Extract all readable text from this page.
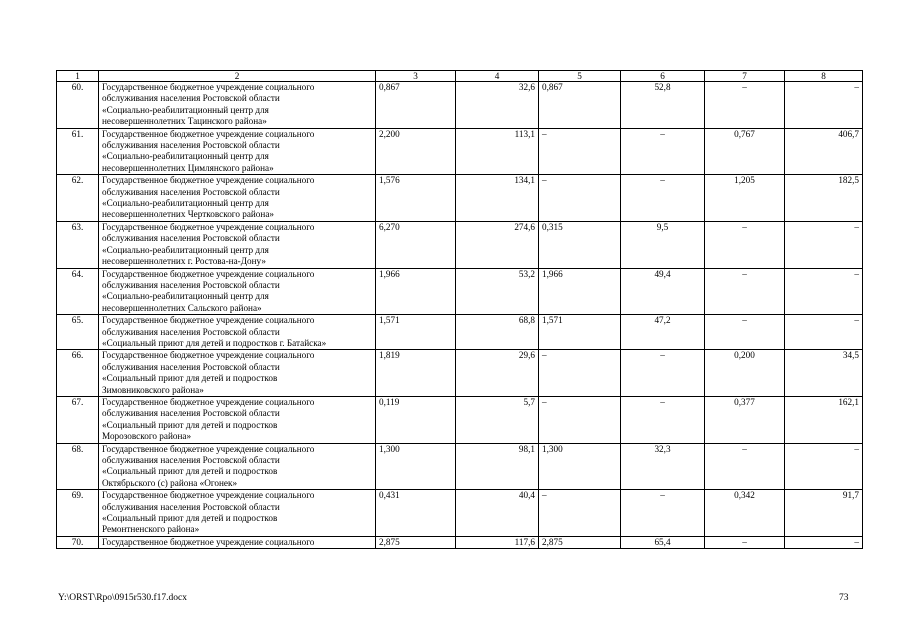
1	2	3	4	5	6	7	8
60.	Государственное бюджетное учреждение социального
обслуживания населения Ростовской области
«Социально-реабилитационный центр для
несовершеннолетних Тацинского района»	0,867	32,6	0,867	52,8	–	–
61.	Государственное бюджетное учреждение социального
обслуживания населения Ростовской области
«Социально-реабилитационный центр для
несовершеннолетних Цимлянского района»	2,200	113,1	–	–	0,767	406,7
62.	Государственное бюджетное учреждение социального
обслуживания населения Ростовской области
«Социально-реабилитационный центр для
несовершеннолетних Чертковского района»	1,576	134,1	–	–	1,205	182,5
63.	Государственное бюджетное учреждение социального
обслуживания населения Ростовской области
«Социально-реабилитационный центр для
несовершеннолетних г. Ростова-на-Дону»	6,270	274,6	0,315	9,5	–	–
64.	Государственное бюджетное учреждение социального
обслуживания населения Ростовской области
«Социально-реабилитационный центр для
несовершеннолетних Сальского района»	1,966	53,2	1,966	49,4	–	–
65.	Государственное бюджетное учреждение социального
обслуживания населения Ростовской области
«Социальный приют для детей и подростков г. Батайска»	1,571	68,8	1,571	47,2	–	–
66.	Государственное бюджетное учреждение социального
обслуживания населения Ростовской области
«Социальный приют для детей и подростков
Зимовниковского района»	1,819	29,6	–	–	0,200	34,5
67.	Государственное бюджетное учреждение социального
обслуживания населения Ростовской области
«Социальный приют для детей и подростков
Морозовского района»	0,119	5,7	–	–	0,377	162,1
68.	Государственное бюджетное учреждение социального
обслуживания населения Ростовской области
«Социальный приют для детей и подростков
Октябрьского (с) района «Огонек»	1,300	98,1	1,300	32,3	–	–
69.	Государственное бюджетное учреждение социального
обслуживания населения Ростовской области
«Социальный приют для детей и подростков
Ремонтненского района»	0,431	40,4	–	–	0,342	91,7
70.	Государственное бюджетное учреждение социального	2,875	117,6	2,875	65,4	–	–
Y:\ORST\Rpo\0915r530.f17.docx	73
